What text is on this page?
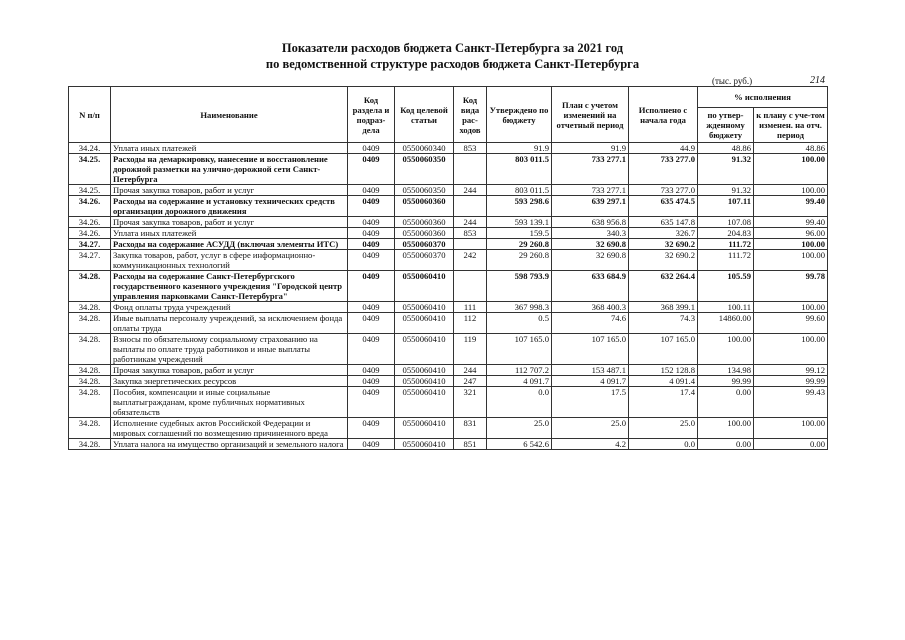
Показатели расходов бюджета Санкт-Петербурга за 2021 год
по ведомственной структуре расходов бюджета Санкт-Петербурга
(тыс. руб.)	214
N п/п	Наименование	Код раздела и подраз-дела	Код целевой статьи	Код вида рас-ходов	Утверждено по бюджету	План с учетом изменений на отчетный период	Исполнено с начала года	% исполнения	
								по утвер-жденному бюджету	к плану с уче-том изменен. на отч. период
34.24.	Уплата иных платежей	0409	0550060340	853	91.9	91.9	44.9	48.86	48.86
34.25.	Расходы на демаркировку, нанесение и восстановление дорожной разметки на улично-дорожной сети Санкт-Петербурга	0409	0550060350		803 011.5	733 277.1	733 277.0	91.32	100.00
34.25.	Прочая закупка товаров, работ и услуг	0409	0550060350	244	803 011.5	733 277.1	733 277.0	91.32	100.00
34.26.	Расходы на содержание и установку технических средств организации дорожного движения	0409	0550060360		593 298.6	639 297.1	635 474.5	107.11	99.40
34.26.	Прочая закупка товаров, работ и услуг	0409	0550060360	244	593 139.1	638 956.8	635 147.8	107.08	99.40
34.26.	Уплата иных платежей	0409	0550060360	853	159.5	340.3	326.7	204.83	96.00
34.27.	Расходы на содержание АСУДД (включая элементы ИТС)	0409	0550060370		29 260.8	32 690.8	32 690.2	111.72	100.00
34.27.	Закупка товаров, работ, услуг в сфере информационно-коммуникационных технологий	0409	0550060370	242	29 260.8	32 690.8	32 690.2	111.72	100.00
34.28.	Расходы на содержание Санкт-Петербургского государственного казенного учреждения "Городской центр управления парковками Санкт-Петербурга"	0409	0550060410		598 793.9	633 684.9	632 264.4	105.59	99.78
34.28.	Фонд оплаты труда учреждений	0409	0550060410	111	367 998.3	368 400.3	368 399.1	100.11	100.00
34.28.	Иные выплаты персоналу учреждений, за исключением фонда оплаты труда	0409	0550060410	112	0.5	74.6	74.3	14860.00	99.60
34.28.	Взносы по обязательному социальному страхованию на выплаты по оплате труда работников и иные выплаты работникам учреждений	0409	0550060410	119	107 165.0	107 165.0	107 165.0	100.00	100.00
34.28.	Прочая закупка товаров, работ и услуг	0409	0550060410	244	112 707.2	153 487.1	152 128.8	134.98	99.12
34.28.	Закупка энергетических ресурсов	0409	0550060410	247	4 091.7	4 091.7	4 091.4	99.99	99.99
34.28.	Пособия, компенсации и иные социальные выплатыгражданам, кроме публичных нормативных обязательств	0409	0550060410	321	0.0	17.5	17.4	0.00	99.43
34.28.	Исполнение судебных актов Российской Федерации и мировых соглашений по возмещению причиненного вреда	0409	0550060410	831	25.0	25.0	25.0	100.00	100.00
34.28.	Уплата налога на имущество организаций и земельного налога	0409	0550060410	851	6 542.6	4.2	0.0	0.00	0.00
